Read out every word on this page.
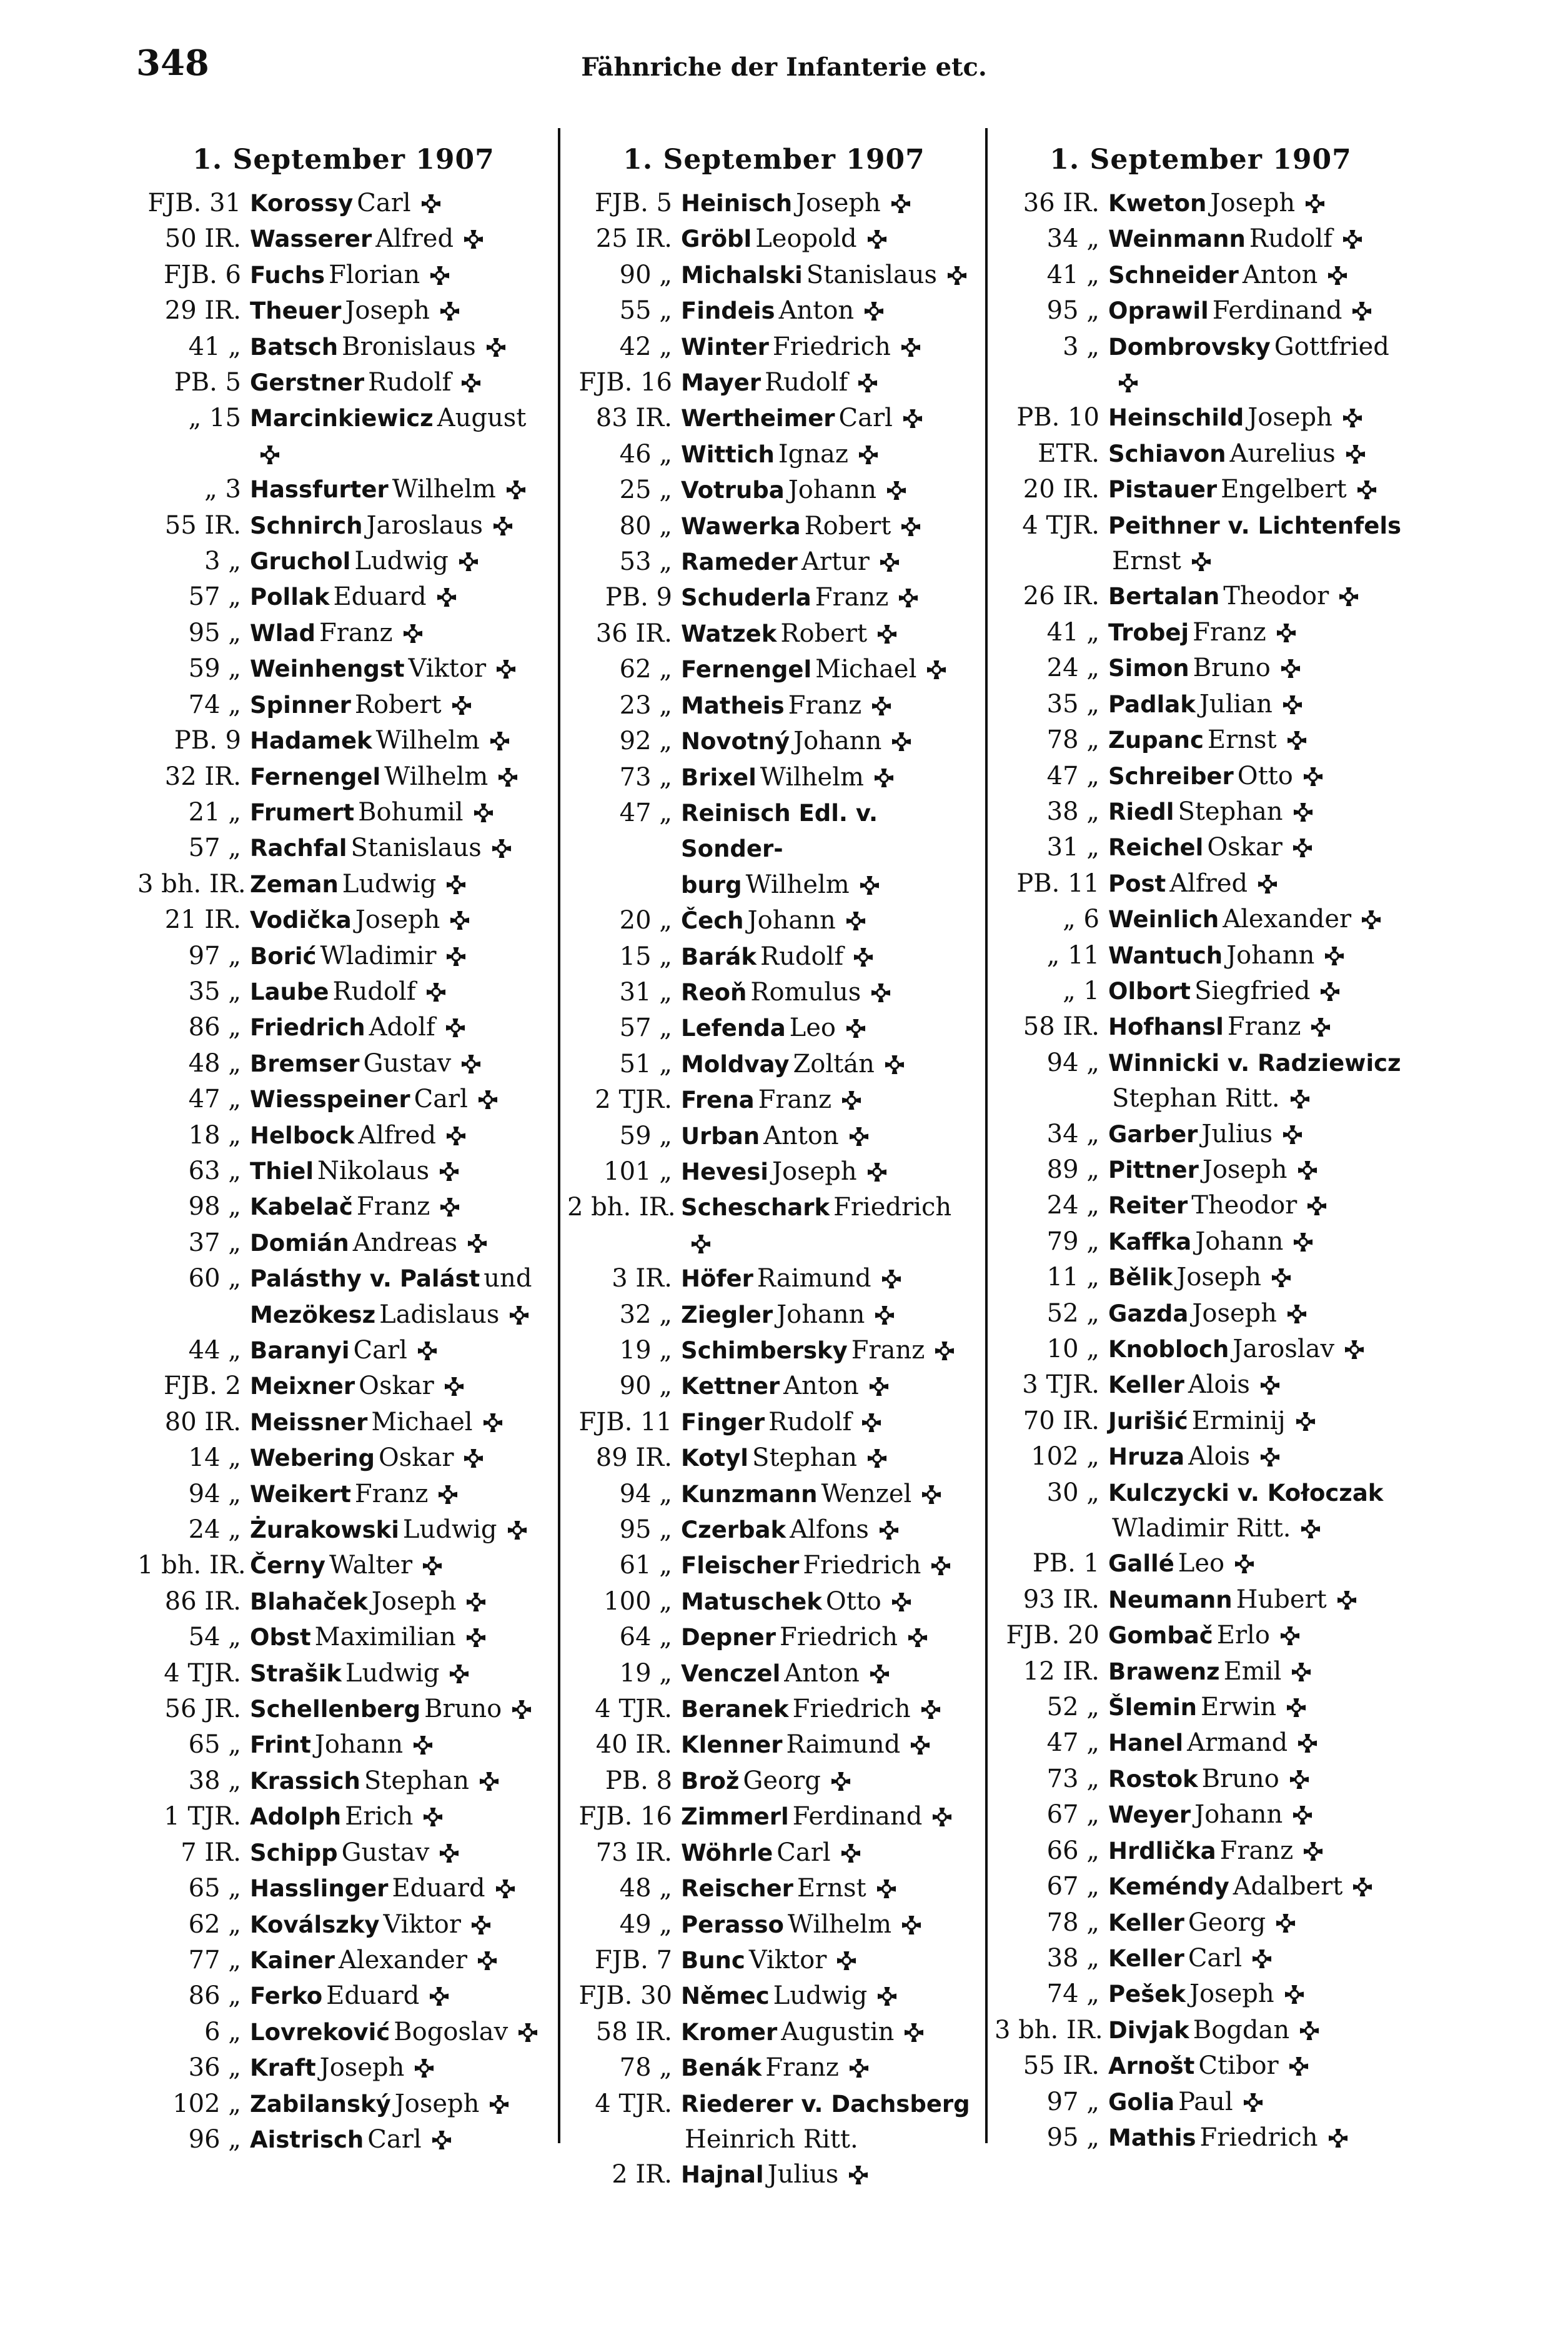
348	Fähnriche der Infanterie etc.
1. September 1907
FJB. 31 Korossy Carl
50 IR. Wasserer Alfred
FJB. 6 Fuchs Florian
29 IR. Theuer Joseph
41 „ Batsch Bronislaus
PB. 5 Gerstner Rudolf
„ 15 Marcinkiewicz August
„ 3 Hassfurter Wilhelm
55 IR. Schnirch Jaroslaus
3 „ Gruchol Ludwig
57 „ Pollak Eduard
95 „ Wlad Franz
59 „ Weinhengst Viktor
74 „ Spinner Robert
PB. 9 Hadamek Wilhelm
32 IR. Fernengel Wilhelm
21 „ Frumert Bohumil
57 „ Rachfal Stanislaus
3 bh. IR. Zeman Ludwig
21 IR. Vodička Joseph
97 „ Borić Wladimir
35 „ Laube Rudolf
86 „ Friedrich Adolf
48 „ Bremser Gustav
47 „ Wiesspeiner Carl
18 „ Helbock Alfred
63 „ Thiel Nikolaus
98 „ Kabelač Franz
37 „ Domián Andreas
60 „ Palásthy v. Palást und
Mezökesz Ladislaus
44 „ Baranyi Carl
FJB. 2 Meixner Oskar
80 IR. Meissner Michael
14 „ Webering Oskar
94 „ Weikert Franz
24 „ Żurakowski Ludwig
1 bh. IR. Černy Walter
86 IR. Blahaček Joseph
54 „ Obst Maximilian
4 TJR. Strašik Ludwig
56 JR. Schellenberg Bruno
65 „ Frint Johann
38 „ Krassich Stephan
1 TJR. Adolph Erich
7 IR. Schipp Gustav
65 „ Hasslinger Eduard
62 „ Koválszky Viktor
77 „ Kainer Alexander
86 „ Ferko Eduard
6 „ Lovreković Bogoslav
36 „ Kraft Joseph
102 „ Zabilanský Joseph
96 „ Aistrisch Carl
1. September 1907
FJB. 5 Heinisch Joseph
25 IR. Gröbl Leopold
90 „ Michalski Stanislaus
55 „ Findeis Anton
42 „ Winter Friedrich
FJB. 16 Mayer Rudolf
83 IR. Wertheimer Carl
46 „ Wittich Ignaz
25 „ Votruba Johann
80 „ Wawerka Robert
53 „ Rameder Artur
PB. 9 Schuderla Franz
36 IR. Watzek Robert
62 „ Fernengel Michael
23 „ Matheis Franz
92 „ Novotný Johann
73 „ Brixel Wilhelm
47 „ Reinisch Edl. v. Sonder-
burg Wilhelm
20 „ Čech Johann
15 „ Barák Rudolf
31 „ Reoň Romulus
57 „ Lefenda Leo
51 „ Moldvay Zoltán
2 TJR. Frena Franz
59 „ Urban Anton
101 „ Hevesi Joseph
2 bh. IR. Scheschark Friedrich
3 IR. Höfer Raimund
32 „ Ziegler Johann
19 „ Schimbersky Franz
90 „ Kettner Anton
FJB. 11 Finger Rudolf
89 IR. Kotyl Stephan
94 „ Kunzmann Wenzel
95 „ Czerbak Alfons
61 „ Fleischer Friedrich
100 „ Matuschek Otto
64 „ Depner Friedrich
19 „ Venczel Anton
4 TJR. Beranek Friedrich
40 IR. Klenner Raimund
PB. 8 Brož Georg
FJB. 16 Zimmerl Ferdinand
73 IR. Wöhrle Carl
48 „ Reischer Ernst
49 „ Perasso Wilhelm
FJB. 7 Bunc Viktor
FJB. 30 Němec Ludwig
58 IR. Kromer Augustin
78 „ Benák Franz
4 TJR. Riederer v. Dachsberg
Heinrich Ritt.
2 IR. Hajnal Julius
1. September 1907
36 IR. Kweton Joseph
34 „ Weinmann Rudolf
41 „ Schneider Anton
95 „ Oprawil Ferdinand
3 „ Dombrovsky Gottfried
PB. 10 Heinschild Joseph
ETR. Schiavon Aurelius
20 IR. Pistauer Engelbert
4 TJR. Peithner v. Lichtenfels
Ernst
26 IR. Bertalan Theodor
41 „ Trobej Franz
24 „ Simon Bruno
35 „ Padlak Julian
78 „ Zupanc Ernst
47 „ Schreiber Otto
38 „ Riedl Stephan
31 „ Reichel Oskar
PB. 11 Post Alfred
„ 6 Weinlich Alexander
„ 11 Wantuch Johann
„ 1 Olbort Siegfried
58 IR. Hofhansl Franz
94 „ Winnicki v. Radziewicz
Stephan Ritt.
34 „ Garber Julius
89 „ Pittner Joseph
24 „ Reiter Theodor
79 „ Kaffka Johann
11 „ Bělik Joseph
52 „ Gazda Joseph
10 „ Knobloch Jaroslav
3 TJR. Keller Alois
70 IR. Jurišić Erminij
102 „ Hruza Alois
30 „ Kulczycki v. Kołoczak
Wladimir Ritt.
PB. 1 Gallé Leo
93 IR. Neumann Hubert
FJB. 20 Gombač Erlo
12 IR. Brawenz Emil
52 „ Šlemin Erwin
47 „ Hanel Armand
73 „ Rostok Bruno
67 „ Weyer Johann
66 „ Hrdlička Franz
67 „ Keméndy Adalbert
78 „ Keller Georg
38 „ Keller Carl
74 „ Pešek Joseph
3 bh. IR. Divjak Bogdan
55 IR. Arnošt Ctibor
97 „ Golia Paul
95 „ Mathis Friedrich
